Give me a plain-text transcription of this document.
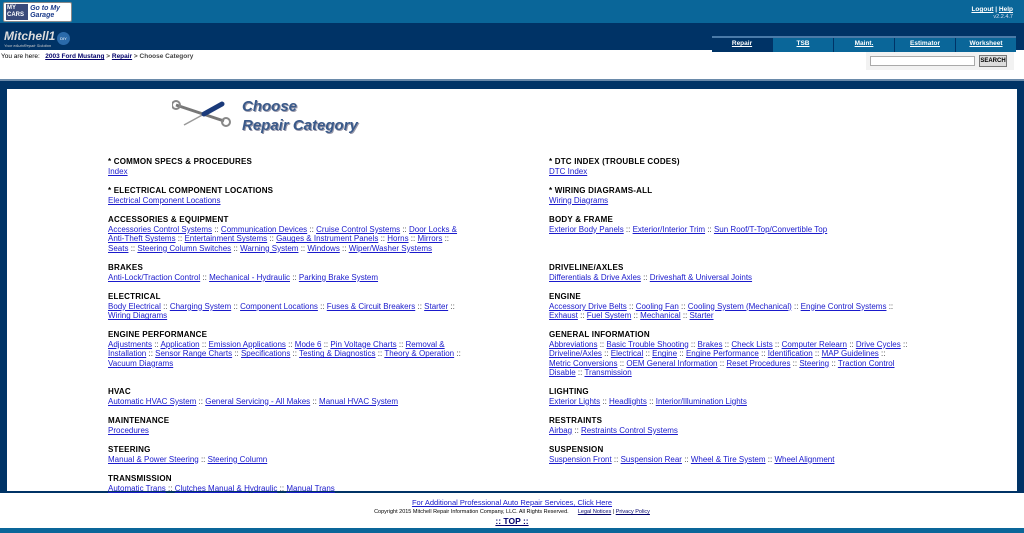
MY CARS
Go to My Garage
Logout | Help
v2.2.4.7
Mitchell1
Your eAutoRepair Solution
DIY
Repair	TSB	Maint.	Estimator	Worksheet
You are here: 2003 Ford Mustang > Repair > Choose Category
SEARCH
Choose
Repair Category
* COMMON SPECS & PROCEDURES
Index
* ELECTRICAL COMPONENT LOCATIONS
Electrical Component Locations
ACCESSORIES & EQUIPMENT
Accessories Control Systems :: Communication Devices :: Cruise Control Systems :: Door Locks & Anti-Theft Systems :: Entertainment Systems :: Gauges & Instrument Panels :: Horns :: Mirrors :: Seats :: Steering Column Switches :: Warning System :: Windows :: Wiper/Washer Systems
BRAKES
Anti-Lock/Traction Control :: Mechanical - Hydraulic :: Parking Brake System
ELECTRICAL
Body Electrical :: Charging System :: Component Locations :: Fuses & Circuit Breakers :: Starter :: Wiring Diagrams
ENGINE PERFORMANCE
Adjustments :: Application :: Emission Applications :: Mode 6 :: Pin Voltage Charts :: Removal & Installation :: Sensor Range Charts :: Specifications :: Testing & Diagnostics :: Theory & Operation :: Vacuum Diagrams
HVAC
Automatic HVAC System :: General Servicing - All Makes :: Manual HVAC System
MAINTENANCE
Procedures
STEERING
Manual & Power Steering :: Steering Column
TRANSMISSION
Automatic Trans :: Clutches Manual & Hydraulic :: Manual Trans
* DTC INDEX (TROUBLE CODES)
DTC Index
* WIRING DIAGRAMS-ALL
Wiring Diagrams
BODY & FRAME
Exterior Body Panels :: Exterior/Interior Trim :: Sun Roof/T-Top/Convertible Top
DRIVELINE/AXLES
Differentials & Drive Axles :: Driveshaft & Universal Joints
ENGINE
Accessory Drive Belts :: Cooling Fan :: Cooling System (Mechanical) :: Engine Control Systems :: Exhaust :: Fuel System :: Mechanical :: Starter
GENERAL INFORMATION
Abbreviations :: Basic Trouble Shooting :: Brakes :: Check Lists :: Computer Relearn :: Drive Cycles :: Driveline/Axles :: Electrical :: Engine :: Engine Performance :: Identification :: MAP Guidelines :: Metric Conversions :: OEM General Information :: Reset Procedures :: Steering :: Traction Control Disable :: Transmission
LIGHTING
Exterior Lights :: Headlights :: Interior/Illumination Lights
RESTRAINTS
Airbag :: Restraints Control Systems
SUSPENSION
Suspension Front :: Suspension Rear :: Wheel & Tire System :: Wheel Alignment
For Additional Professional Auto Repair Services, Click Here
Copyright 2015 Mitchell Repair Information Company, LLC. All Rights Reserved. Legal Notices | Privacy Policy
:: TOP ::
